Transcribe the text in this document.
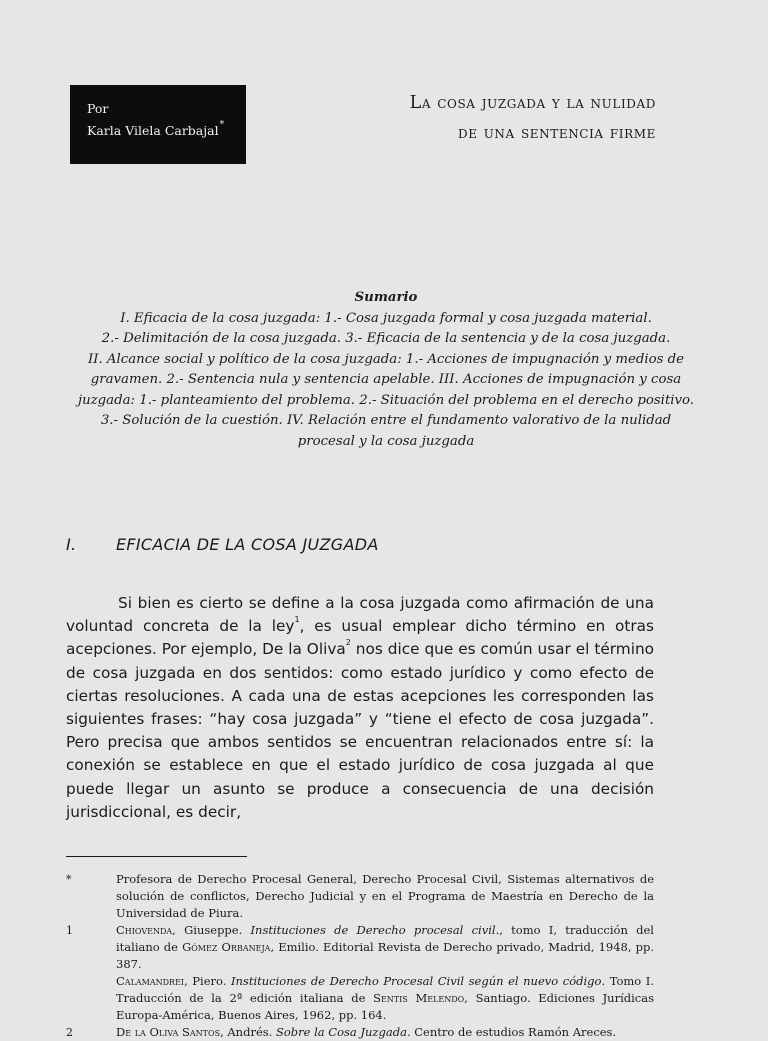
Por
Karla Vilela Carbajal*
La cosa juzgada y la nulidad
de una sentencia firme
Sumario
I. Eficacia de la cosa juzgada: 1.- Cosa juzgada formal y cosa juzgada material.
2.- Delimitación de la cosa juzgada. 3.- Eficacia de la sentencia y de la cosa juzgada.
II. Alcance social y político de la cosa juzgada: 1.- Acciones de impugnación y medios de
gravamen. 2.- Sentencia nula y sentencia apelable. III. Acciones de impugnación y cosa
juzgada: 1.- planteamiento del problema. 2.- Situación del problema en el derecho positivo.
3.- Solución de la cuestión. IV. Relación entre el fundamento valorativo de la nulidad
procesal y la cosa juzgada
I. EFICACIA DE LA COSA JUZGADA

Si bien es cierto se define a la cosa juzgada como afirmación de una voluntad concreta de la ley$^1$, es usual emplear dicho término en otras acepciones. Por ejemplo, De la Oliva$^2$ nos dice que es común usar el término de cosa juzgada en dos sentidos: como estado jurídico y como efecto de ciertas resoluciones. A cada una de estas acepciones les corresponden las siguientes frases: “hay cosa juzgada” y “tiene el efecto de cosa juzgada”. Pero precisa que ambos sentidos se encuentran relacionados entre sí: la conexión se establece en que el estado jurídico de cosa juzgada al que puede llegar un asunto se produce a consecuencia de una decisión jurisdiccional, es decir,

*	Profesora de Derecho Procesal General, Derecho Procesal Civil, Sistemas alternativos de solución de conflictos, Derecho Judicial y en el Programa de Maestría en Derecho de la Universidad de Piura.
1	Chiovenda, Giuseppe. Instituciones de Derecho procesal civil., tomo I, traducción del italiano de Gómez Orbaneja, Emilio. Editorial Revista de Derecho privado, Madrid, 1948, pp. 387.
Calamandrei, Piero. Instituciones de Derecho Procesal Civil según el nuevo código. Tomo I. Traducción de la 2ª edición italiana de Sentis Melendo, Santiago. Ediciones Jurídicas Europa-América, Buenos Aires, 1962, pp. 164.
2	De la Oliva Santos, Andrés. Sobre la Cosa Juzgada. Centro de estudios Ramón Areces.
